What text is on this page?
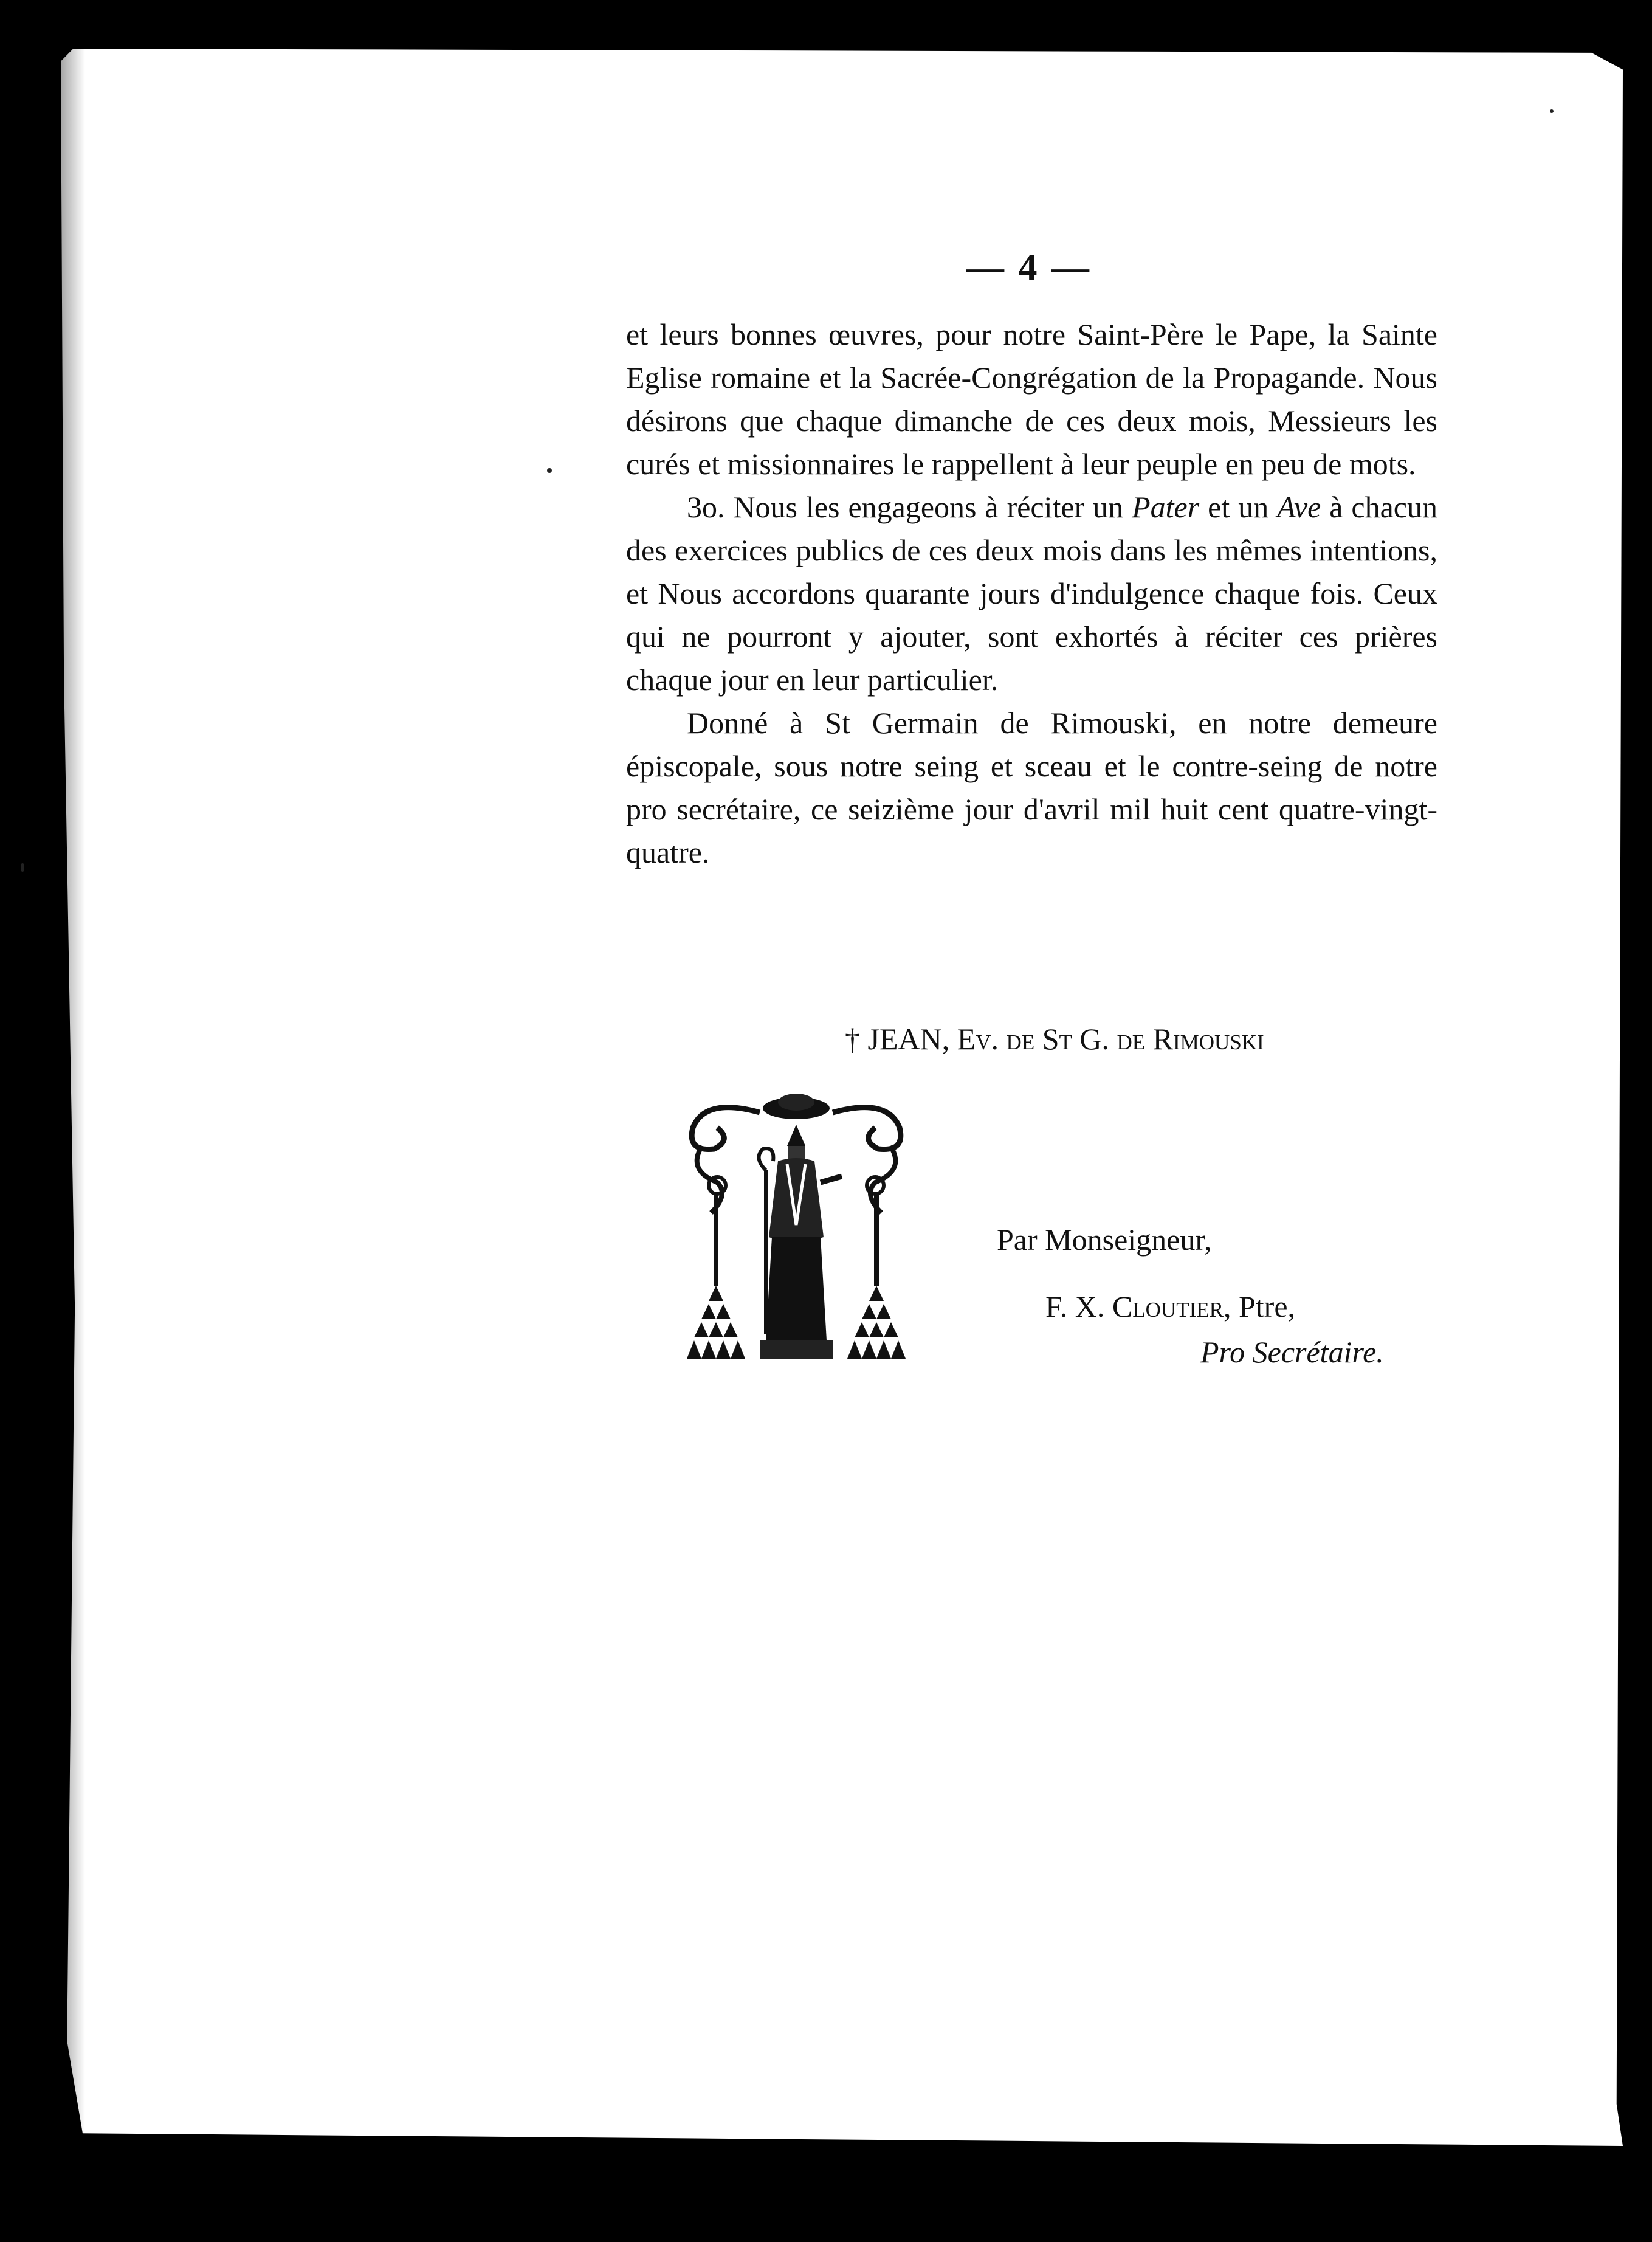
— 4 —

et leurs bonnes œuvres, pour notre Saint-Père le Pape, la Sainte Eglise romaine et la Sacrée-Congrégation de la Propagande. Nous désirons que chaque dimanche de ces deux mois, Messieurs les curés et missionnaires le rappellent à leur peuple en peu de mots.

3o. Nous les engageons à réciter un Pater et un Ave à chacun des exercices publics de ces deux mois dans les mêmes intentions, et Nous accordons quarante jours d'indulgence chaque fois. Ceux qui ne pourront y ajouter, sont exhortés à réciter ces prières chaque jour en leur particulier.

Donné à St Germain de Rimouski, en notre demeure épiscopale, sous notre seing et sceau et le contre-seing de notre pro secrétaire, ce seizième jour d'avril mil huit cent quatre-vingt-quatre.

† JEAN, Ev. de St G. de Rimouski
Par Monseigneur,
F. X. Cloutier, Ptre,
Pro Secrétaire.
